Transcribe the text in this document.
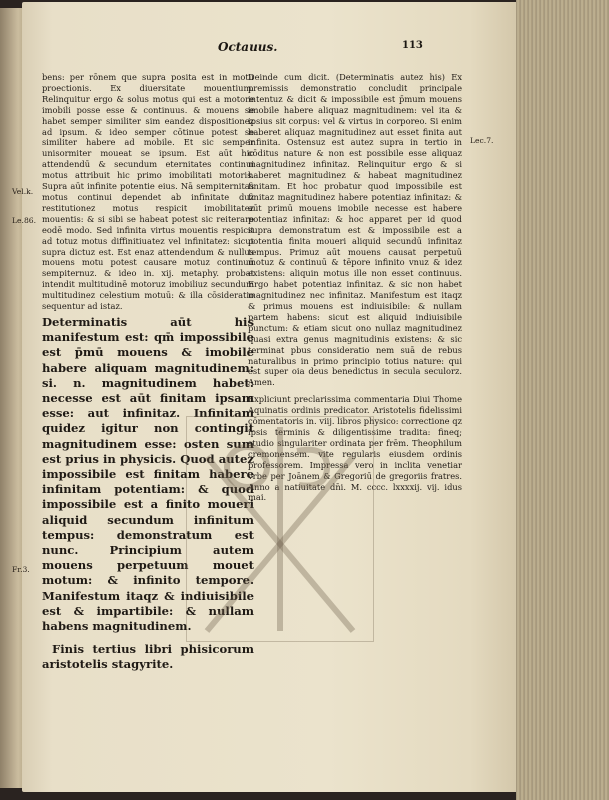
Octauus.	113
Lec.7.
Vel.k.
Le.86.
Fr.3.

bens: per rōnem que supra posita est in motu proectionis. Ex diuersitate mouentium. Relinquitur ergo & solus motus qui est a motore imobili posse esse & continuus. & mouens se habet semper similiter sim eandez dispositionez ad ipsum. & ideo semper cōtinue potest se similiter habere ad mobile. Et sic semper unisormiter moueat se ipsum. Est aūt hic attendendū & secundum eternitates continui motus attribuit hic primo imobilitati motoris. Supra aūt infinite potentie eius. Nā sempiternitas motus continui dependet ab infinitate duz restitutionez motus respicit imobilitatez mouentis: & si sibi se habeat potest sic reiterare eodē modo. Sed infinita virtus mouentis respicit ad totuz motus diffinitiuatez vel infinitatez: sicut supra dictuz est. Est enaz attendendum & nullus mouens motu potest causare motuz continuū sempiternuz. & ideo in. xij. metaphy. probat intendit multitudinē motoruz imobiliuz secundum multitudinez celestium motuū: & illa cōsideratio sequentur ad istaz.

Determinatis aūt his manifestum est: qm̄ impossibile est p̄mū mouens & imobile habere aliquam magnitudinem: si. n. magnitudinem habet: necesse est aūt finitam ipsam esse: aut infinitaz. Infinitam quidez igitur non contingit magnitudinem esse: osten sum est prius in physicis. Quod autez impossibile est finitam habere infinitam potentiam: & quod impossibile est a finito moueri aliquid secundum infinitum tempus: demonstratum est nunc. Principium autem mouens perpetuum mouet motum: & infinito tempore. Manifestum itaqz & indiuisibile est & impartibile: & nullam habens magnitudinem.

Finis tertius libri phisicorum aristotelis stagyrite.

Deinde cum dicit. (Determinatis autez his) Ex premissis demonstratio concludit principale intentuz & dicit & impossibile est p̄mum mouens imobile habere aliquaz magnitudinem: vel ita & ipsius sit corpus: vel & virtus in corporeo. Si enim haberet aliquaz magnitudinez aut esset finita aut infinita. Ostensuz est autez supra in tertio in cōditus nature & non est possibile esse aliquaz magnitudinez infinitaz. Relinquitur ergo & si haberet magnitudinez & habeat magnitudinez finitam. Et hoc probatur quod impossibile est finitaz magnitudinez habere potentiaz infinitaz: & aūt primū mouens imobile necesse est habere potentiaz infinitaz: & hoc apparet per id quod supra demonstratum est & impossibile est a potentia finita moueri aliquid secundū infinitaz tempus. Primuz aūt mouens causat perpetuū motuz & continuū & tēpore infinito vnuz & idez existens: aliquin motus ille non esset continuus. Ergo habet potentiaz infinitaz. & sic non habet magnitudinez nec infinitaz. Manifestum est itaqz & primus mouens est indiuisibile: & nullam partem habens: sicut est aliquid indiuisibile punctum: & etiam sicut ono nullaz magnitudinez quasi extra genus magnitudinis existens: & sic terminat pbus consideratio nem suā de rebus naturalibus in primo principio totius nature: qui est super oia deus benedictus in secula seculorz. Amen.

Expliciunt preclarissima commentaria Diui Thome Aquinatis ordinis predicator. Aristotelis fidelissimi cōmentatoris in. viij. libros physico: correctione qz ipsis terminis & diligentissime tradita: fineq; studio singulariter ordinata per frēm. Theophilum cremonensem. vite regularis eiusdem ordinis professorem. Impressa vero in inclita venetiar vrbe per Joānem & Gregoriū de gregoriis fratres. Anno a natiuitate dn̄i. M. cccc. lxxxxij. vij. idus mai.
